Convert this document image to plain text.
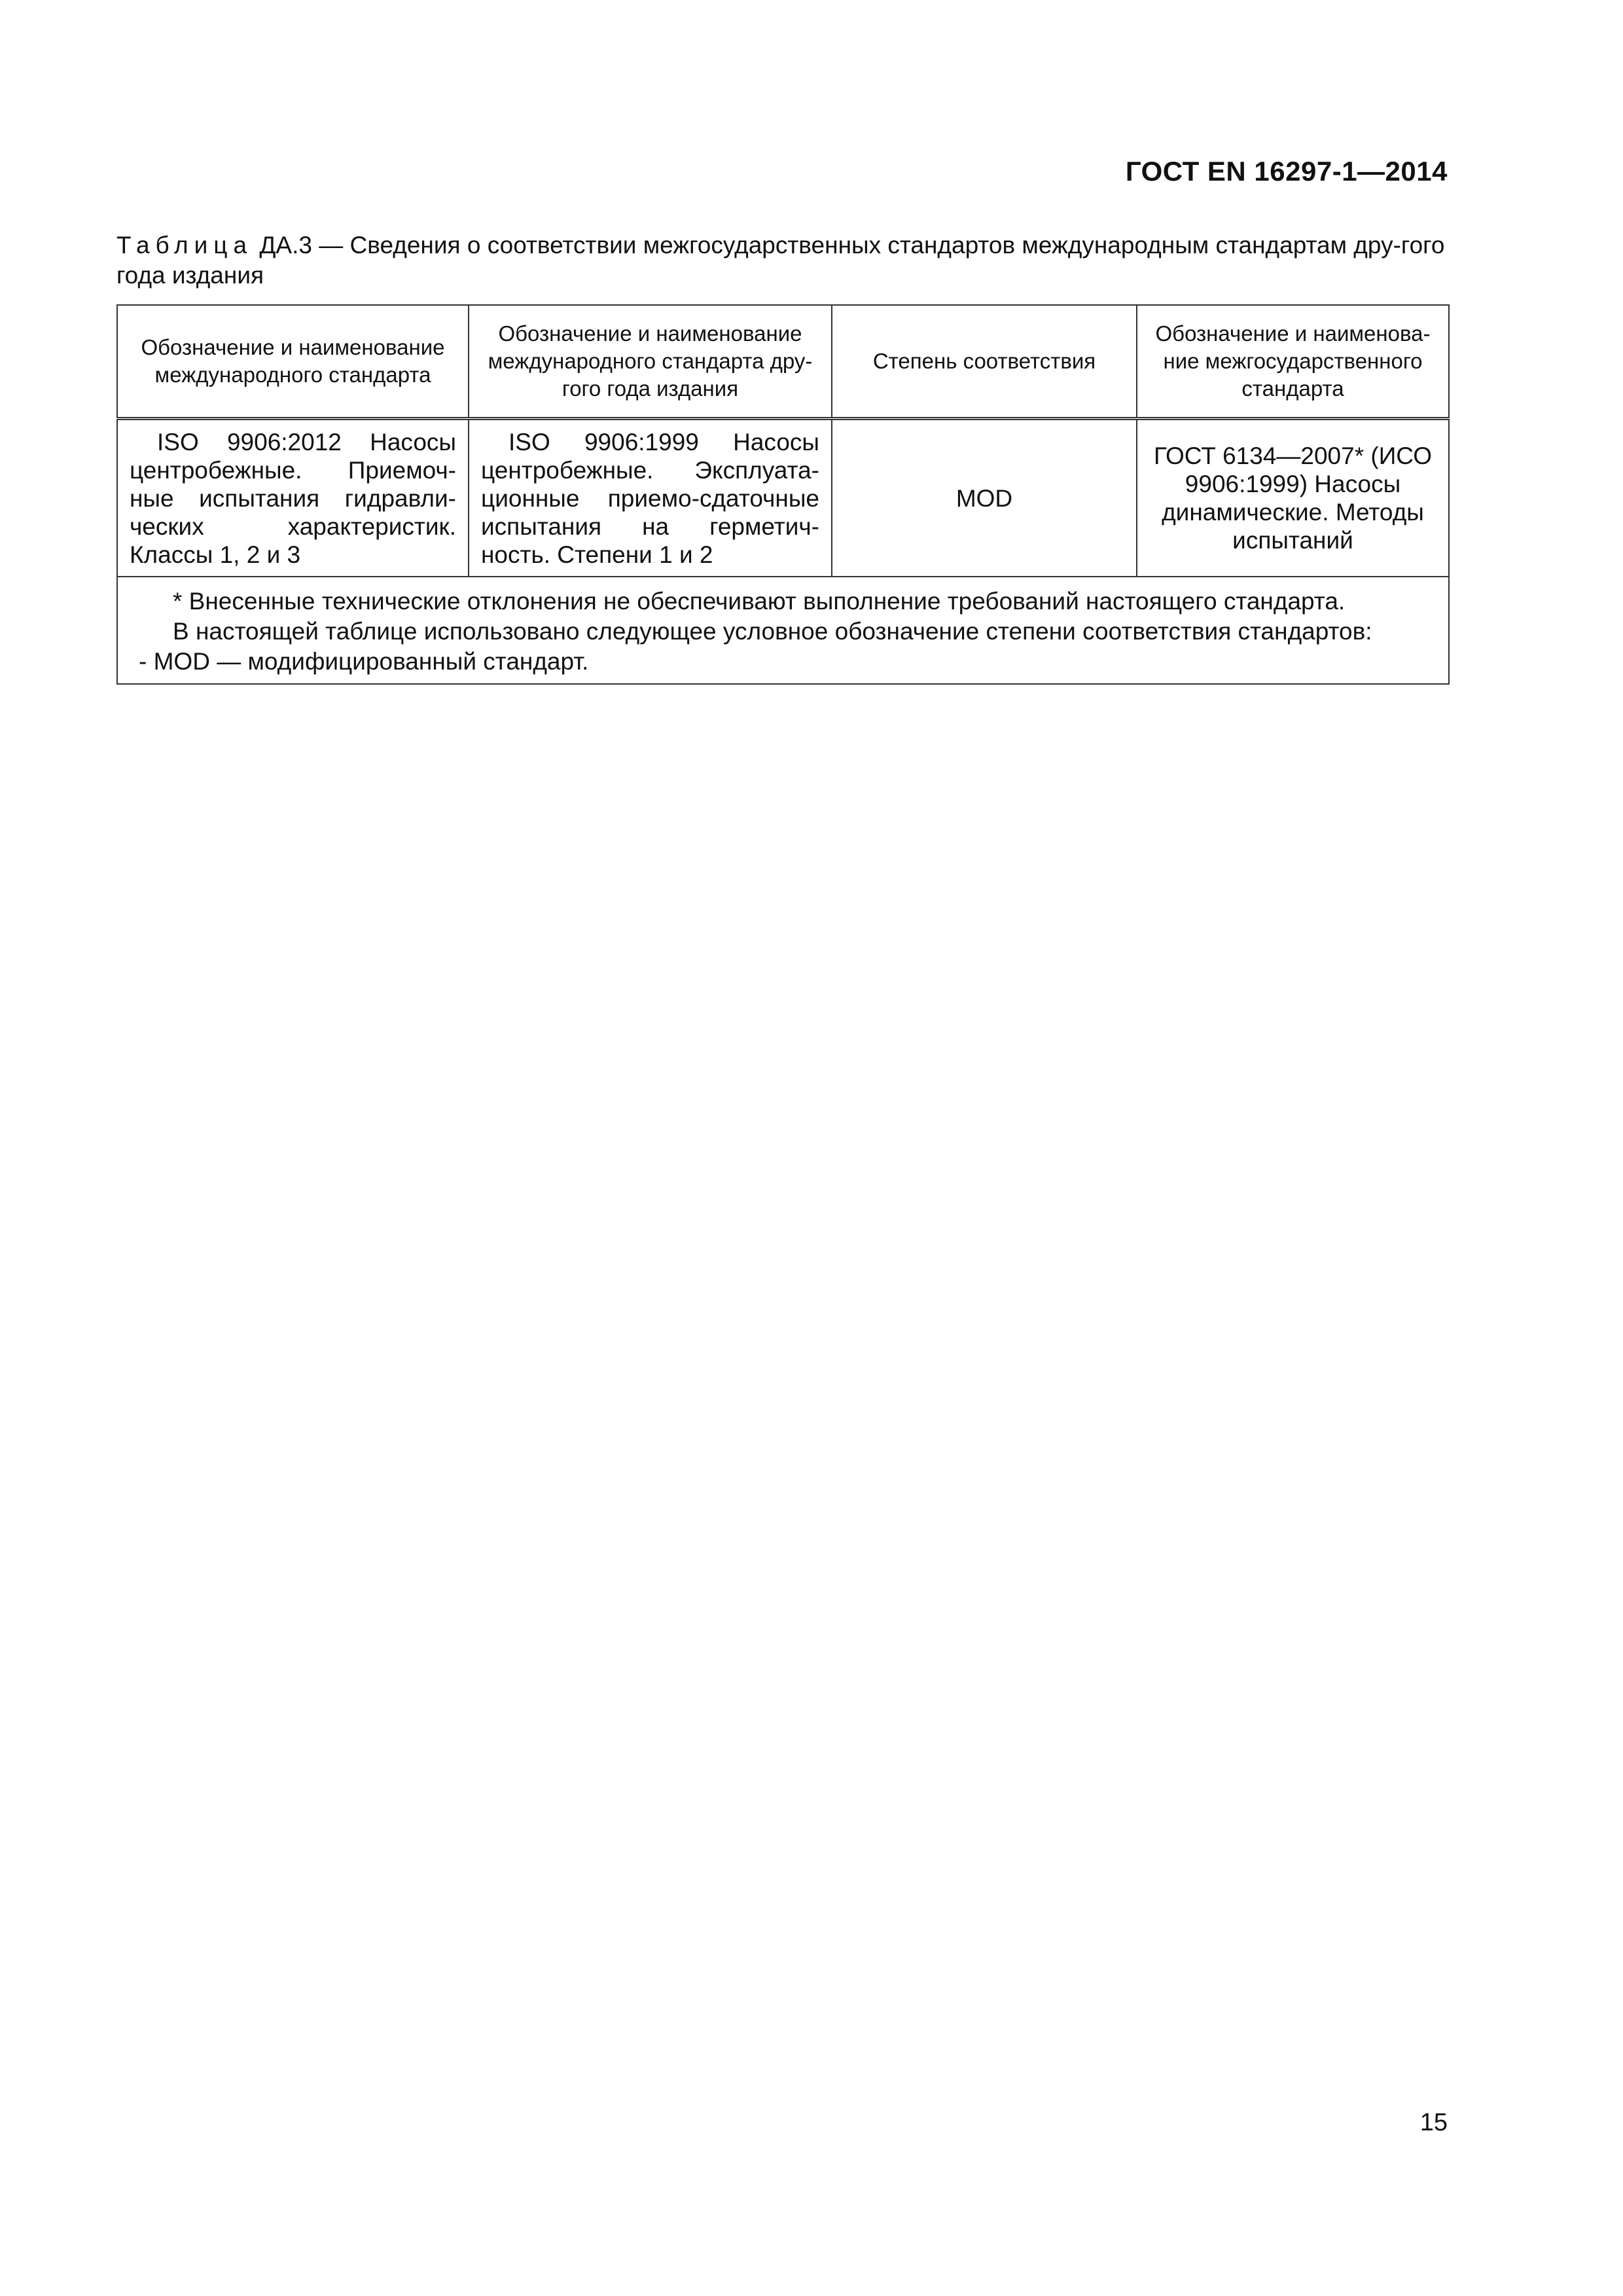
ГОСТ EN 16297-1—2014
Таблица ДА.3 — Сведения о соответствии межгосударственных стандартов международным стандартам дру-гого года издания
Обозначение и наименование международного стандарта	Обозначение и наименование международного стандарта дру-гого года издания	Степень соответствия	Обозначение и наименова-ние межгосударственного стандарта
ISO 9906:2012 Насосы центробежные. Приемоч-ные испытания гидравли-ческих характеристик. Классы 1, 2 и 3	ISO 9906:1999 Насосы центробежные. Эксплуата-ционные приемо-сдаточные испытания на герметич-ность. Степени 1 и 2	MOD	ГОСТ 6134—2007* (ИСО 9906:1999) Насосы динамические. Методы испытаний

* Внесенные технические отклонения не обеспечивают выполнение требований настоящего стандарта.
В настоящей таблице использовано следующее условное обозначение степени соответствия стандартов:
- MOD — модифицированный стандарт.			
15
